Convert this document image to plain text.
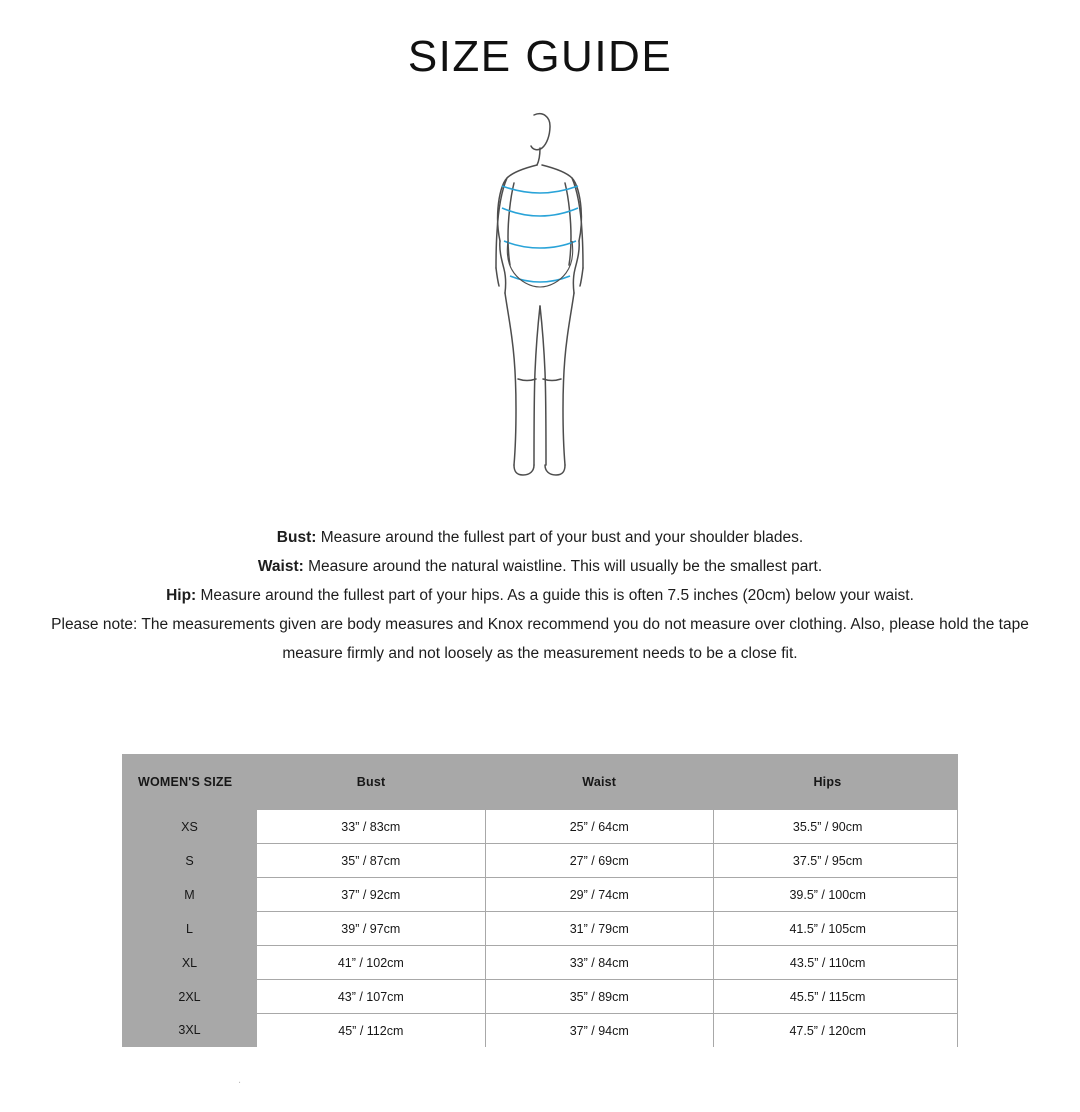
SIZE GUIDE
Bust: Measure around the fullest part of your bust and your shoulder blades.
Waist: Measure around the natural waistline. This will usually be the smallest part.
Hip: Measure around the fullest part of your hips. As a guide this is often 7.5 inches (20cm) below your waist.
Please note: The measurements given are body measures and Knox recommend you do not measure over clothing. Also, please hold the tape measure firmly and not loosely as the measurement needs to be a close fit.
WOMEN'S SIZE	Bust	Waist	Hips	
XS	33” / 83cm	25” / 64cm	35.5” / 90cm	
S	35” / 87cm	27” / 69cm	37.5” / 95cm	
M	37” / 92cm	29” / 74cm	39.5” / 100cm	
L	39” / 97cm	31” / 79cm	41.5” / 105cm	
XL	41” / 102cm	33” / 84cm	43.5” / 110cm	
2XL	43” / 107cm	35” / 89cm	45.5” / 115cm	
3XL	45” / 112cm	37” / 94cm	47.5” / 120cm	
.
